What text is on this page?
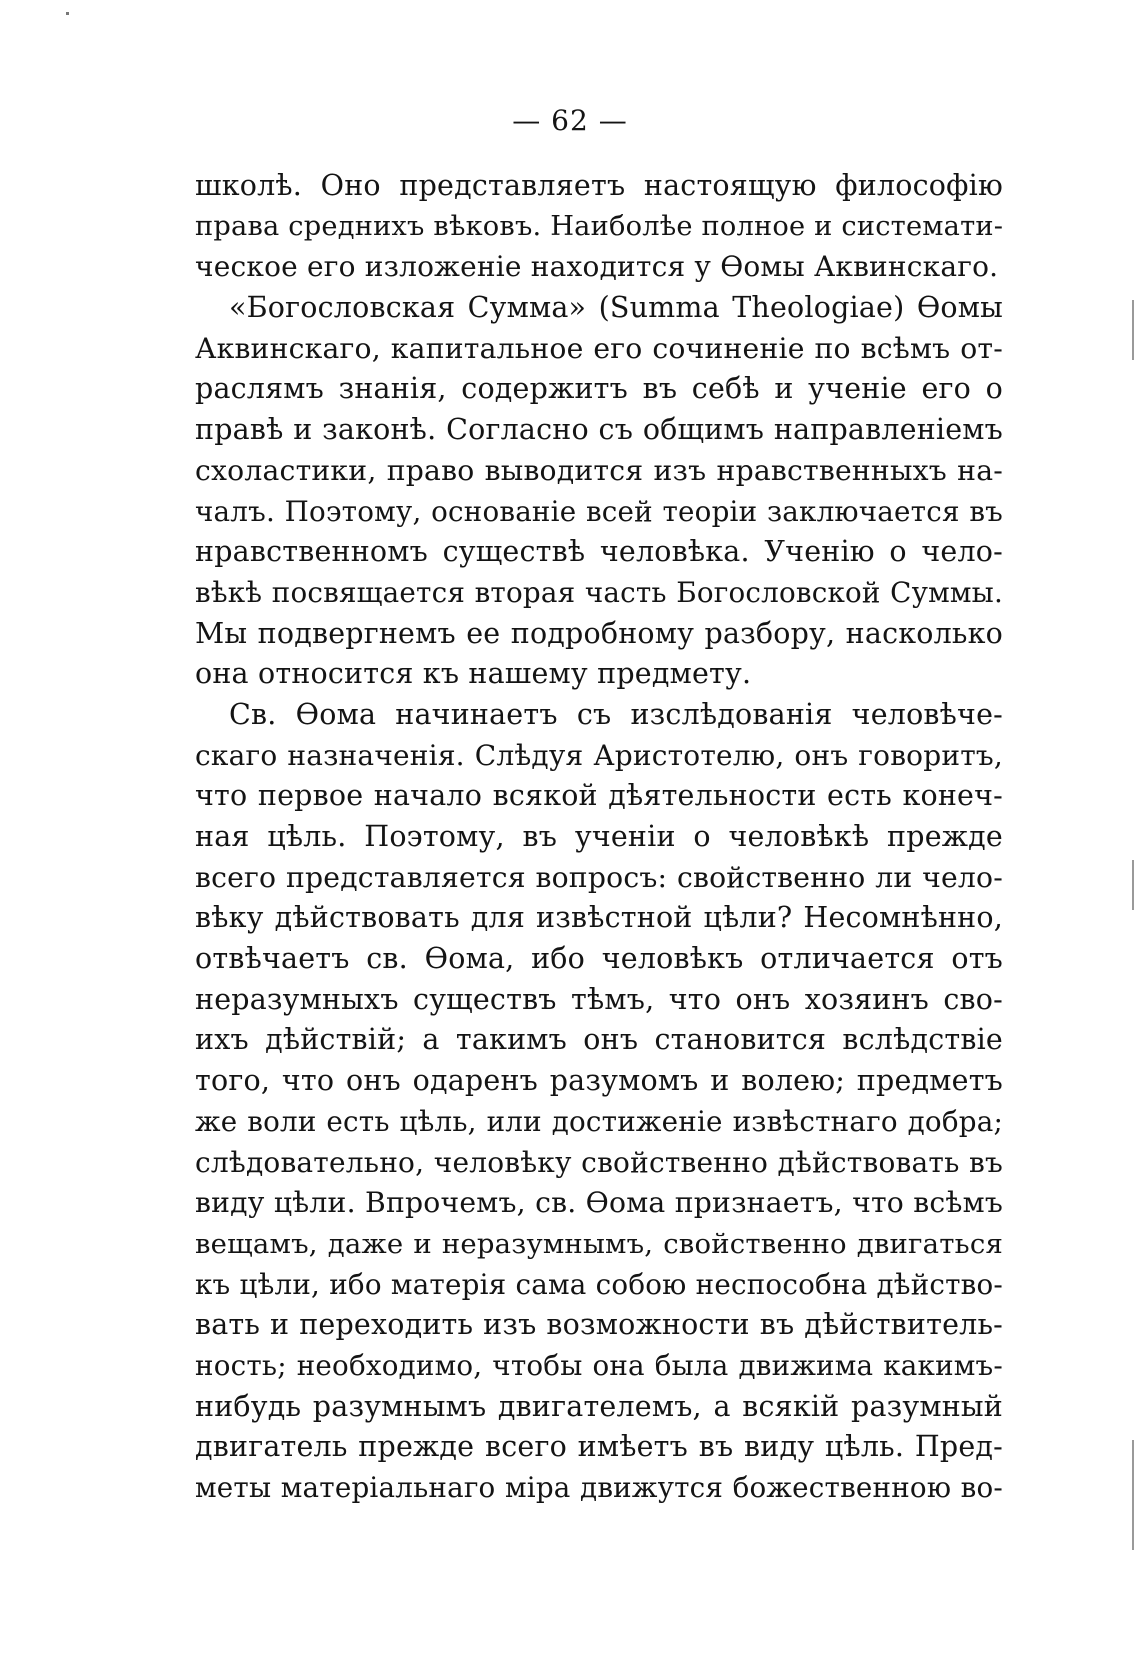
— 62 —
школѣ. Оно представляетъ настоящую философію
права среднихъ вѣковъ. Наиболѣе полное и системати-
ческое его изложеніе находится у Ѳомы Аквинскаго.
«Богословская Сумма» (Summa Theologiae) Ѳомы
Аквинскаго, капитальное его сочиненіе по всѣмъ от-
раслямъ знанія, содержитъ въ себѣ и ученіе его о
правѣ и законѣ. Согласно съ общимъ направленіемъ
схоластики, право выводится изъ нравственныхъ на-
чалъ. Поэтому, основаніе всей теоріи заключается въ
нравственномъ существѣ человѣка. Ученію о чело-
вѣкѣ посвящается вторая часть Богословской Суммы.
Мы подвергнемъ ее подробному разбору, насколько
она относится къ нашему предмету.
Св. Ѳома начинаетъ съ изслѣдованія человѣче-
скаго назначенія. Слѣдуя Аристотелю, онъ говоритъ,
что первое начало всякой дѣятельности есть конеч-
ная цѣль. Поэтому, въ ученіи о человѣкѣ прежде
всего представляется вопросъ: свойственно ли чело-
вѣку дѣйствовать для извѣстной цѣли? Несомнѣнно,
отвѣчаетъ св. Ѳома, ибо человѣкъ отличается отъ
неразумныхъ существъ тѣмъ, что онъ хозяинъ сво-
ихъ дѣйствій; а такимъ онъ становится вслѣдствіе
того, что онъ одаренъ разумомъ и волею; предметъ
же воли есть цѣль, или достиженіе извѣстнаго добра;
слѣдовательно, человѣку свойственно дѣйствовать въ
виду цѣли. Впрочемъ, св. Ѳома признаетъ, что всѣмъ
вещамъ, даже и неразумнымъ, свойственно двигаться
къ цѣли, ибо матерія сама собою неспособна дѣйство-
вать и переходить изъ возможности въ дѣйствитель-
ность; необходимо, чтобы она была движима какимъ-
нибудь разумнымъ двигателемъ, а всякій разумный
двигатель прежде всего имѣетъ въ виду цѣль. Пред-
меты матеріальнаго міра движутся божественною во-
